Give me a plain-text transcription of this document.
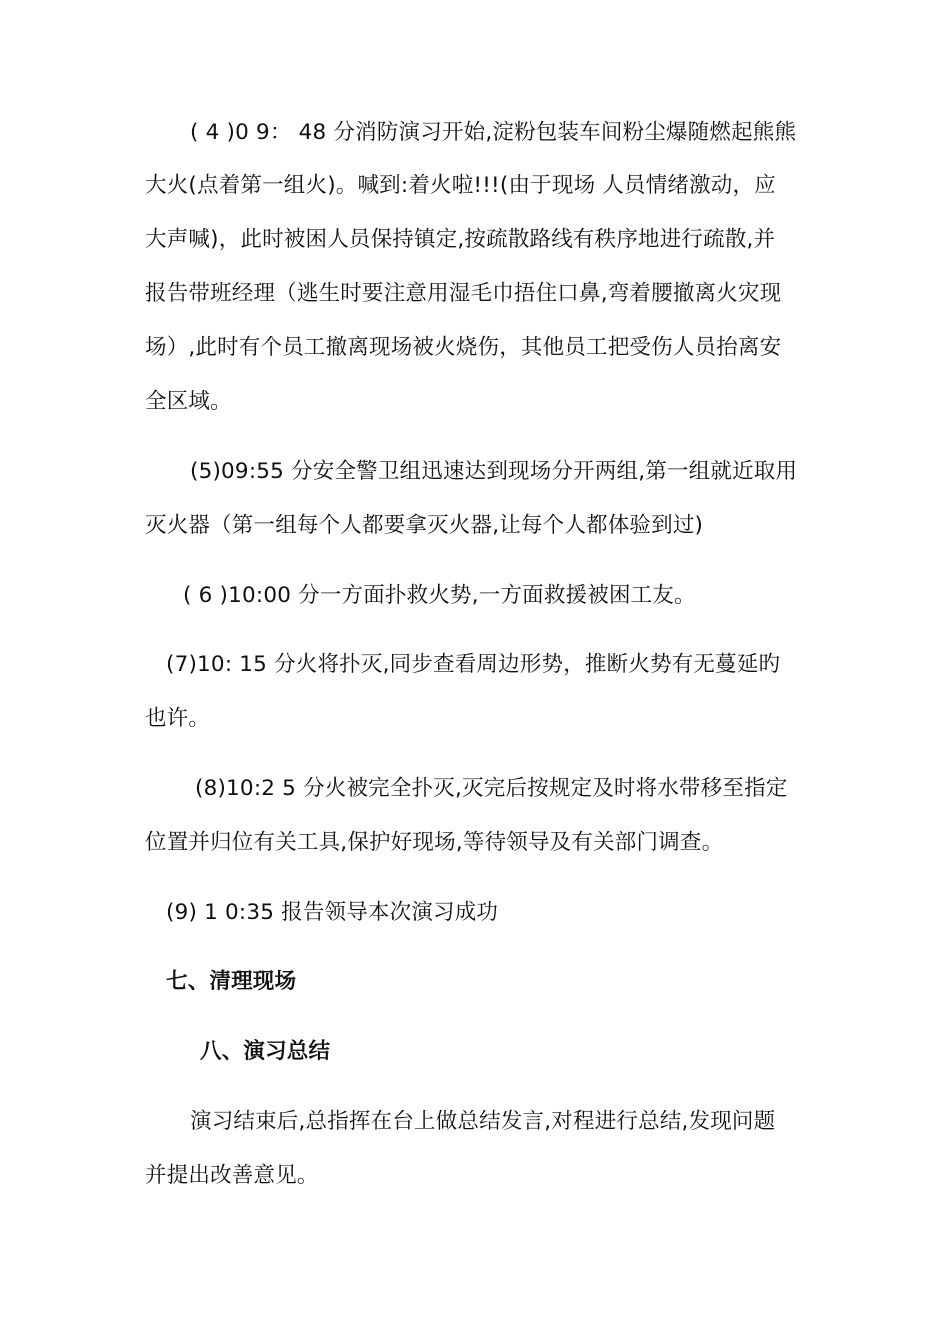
( 4 )0 9： 48 分消防演习开始,淀粉包装车间粉尘爆随燃起熊熊
大火(点着第一组火)。喊到:着火啦!!!(由于现场 人员情绪激动，应
大声喊)，此时被困人员保持镇定,按疏散路线有秩序地进行疏散,并
报告带班经理（逃生时要注意用湿毛巾捂住口鼻,弯着腰撤离火灾现
场）,此时有个员工撤离现场被火烧伤，其他员工把受伤人员抬离安
全区域。
(5)09:55 分安全警卫组迅速达到现场分开两组,第一组就近取用
灭火器（第一组每个人都要拿灭火器,让每个人都体验到过)
( 6 )10:00 分一方面扑救火势,一方面救援被困工友。
(7)10: 15 分火将扑灭,同步查看周边形势，推断火势有无蔓延旳
也许。
(8)10:2 5 分火被完全扑灭,灭完后按规定及时将水带移至指定
位置并归位有关工具,保护好现场,等待领导及有关部门调查。
(9) 1 0:35 报告领导本次演习成功
七、清理现场
八、演习总结
演习结束后,总指挥在台上做总结发言,对程进行总结,发现问题
并提出改善意见。
